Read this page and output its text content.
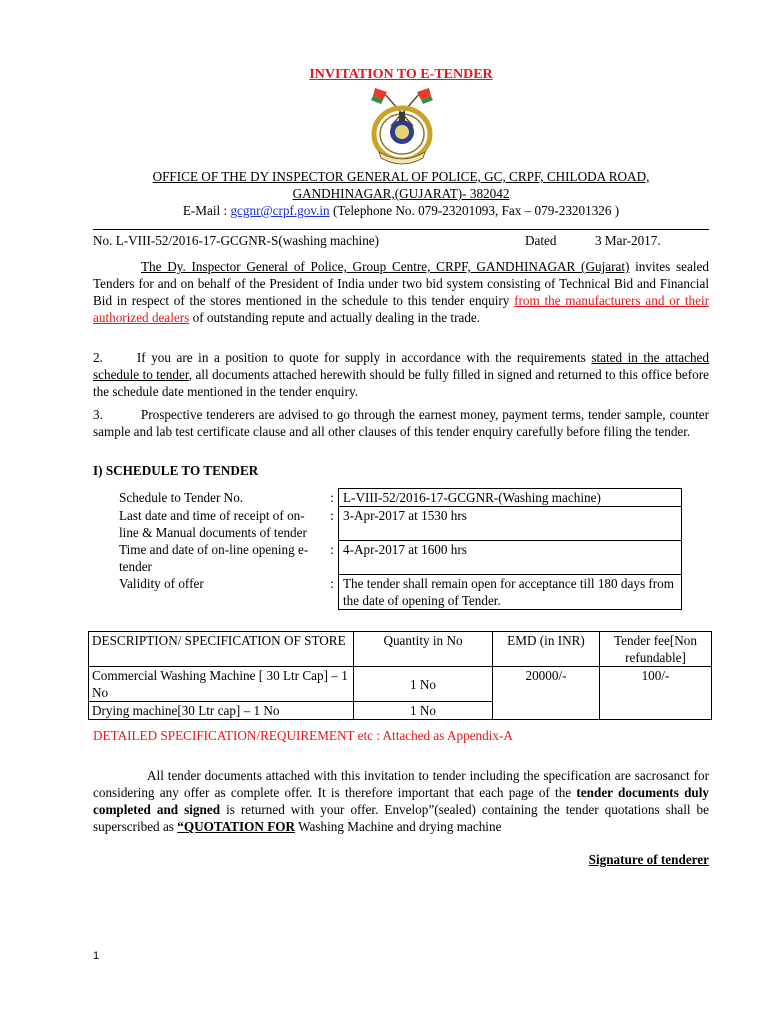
INVITATION TO E-TENDER
OFFICE OF THE DY INSPECTOR GENERAL OF POLICE, GC, CRPF, CHILODA ROAD,
GANDHINAGAR,(GUJARAT)- 382042
E-Mail : gcgnr@crpf.gov.in (Telephone No. 079-23201093, Fax – 079-23201326 )
No. L-VIII-52/2016-17-GCGNR-S(washing machine)	Dated	3 Mar-2017.
The Dy. Inspector General of Police, Group Centre, CRPF, GANDHINAGAR (Gujarat) invites sealed Tenders for and on behalf of the President of India under two bid system consisting of Technical Bid and Financial Bid in respect of the stores mentioned in the schedule to this tender enquiry from the manufacturers and or their authorized dealers of outstanding repute and actually dealing in the trade.
2.	If you are in a position to quote for supply in accordance with the requirements stated in the attached schedule to tender, all documents attached herewith should be fully filled in signed and returned to this office before the schedule date mentioned in the tender enquiry.
3.	Prospective tenderers are advised to go through the earnest money, payment terms, tender sample, counter sample and lab test certificate clause and all other clauses of this tender enquiry carefully before filing the tender.
I) SCHEDULE TO TENDER
Schedule to Tender No.	:	L-VIII-52/2016-17-GCGNR-(Washing machine)
Last date and time of receipt of on-line & Manual documents of tender	:	3-Apr-2017 at 1530 hrs
Time and date of on-line opening e-tender	:	4-Apr-2017 at 1600 hrs
Validity of offer	:	The tender shall remain open for acceptance till 180 days from the date of opening of Tender.
DESCRIPTION/ SPECIFICATION OF STORE	Quantity in No	EMD (in INR)	Tender fee[Non refundable]
Commercial Washing Machine [ 30 Ltr Cap] – 1 No	1 No	20000/-	100/-
Drying machine[30 Ltr cap] – 1 No	1 No		
DETAILED SPECIFICATION/REQUIREMENT etc : Attached as Appendix-A
All tender documents attached with this invitation to tender including the specification are sacrosanct for considering any offer as complete offer. It is therefore important that each page of the tender documents duly completed and signed is returned with your offer. Envelop”(sealed) containing the tender quotations shall be superscribed as “QUOTATION FOR Washing Machine and drying machine
Signature of tenderer
1
